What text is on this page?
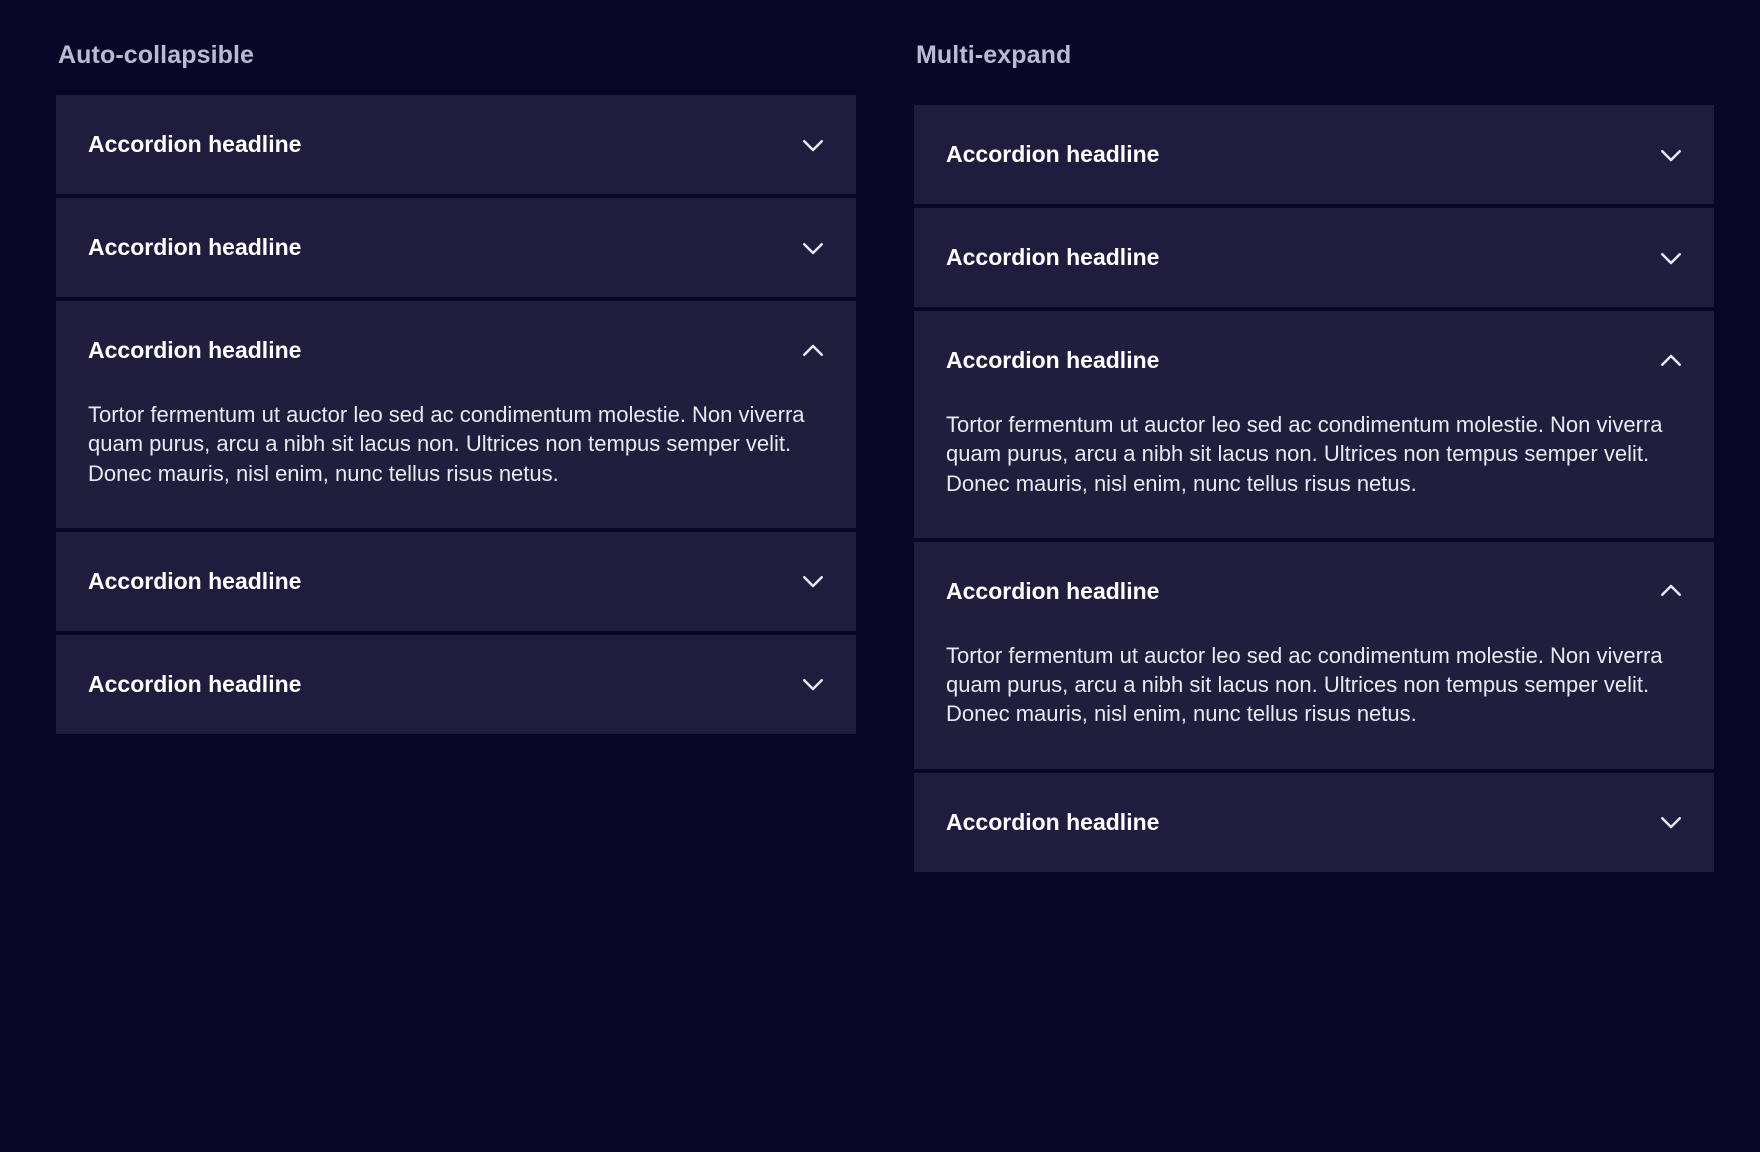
Auto-collapsible
Accordion headline
Accordion headline
Accordion headline

Tortor fermentum ut auctor leo sed ac condimentum molestie. Non viverra quam purus, arcu a nibh sit lacus non. Ultrices non tempus semper velit. Donec mauris, nisl enim, nunc tellus risus netus.

Accordion headline
Accordion headline
Multi-expand
Accordion headline
Accordion headline
Accordion headline

Tortor fermentum ut auctor leo sed ac condimentum molestie. Non viverra quam purus, arcu a nibh sit lacus non. Ultrices non tempus semper velit. Donec mauris, nisl enim, nunc tellus risus netus.

Accordion headline

Tortor fermentum ut auctor leo sed ac condimentum molestie. Non viverra quam purus, arcu a nibh sit lacus non. Ultrices non tempus semper velit. Donec mauris, nisl enim, nunc tellus risus netus.

Accordion headline
